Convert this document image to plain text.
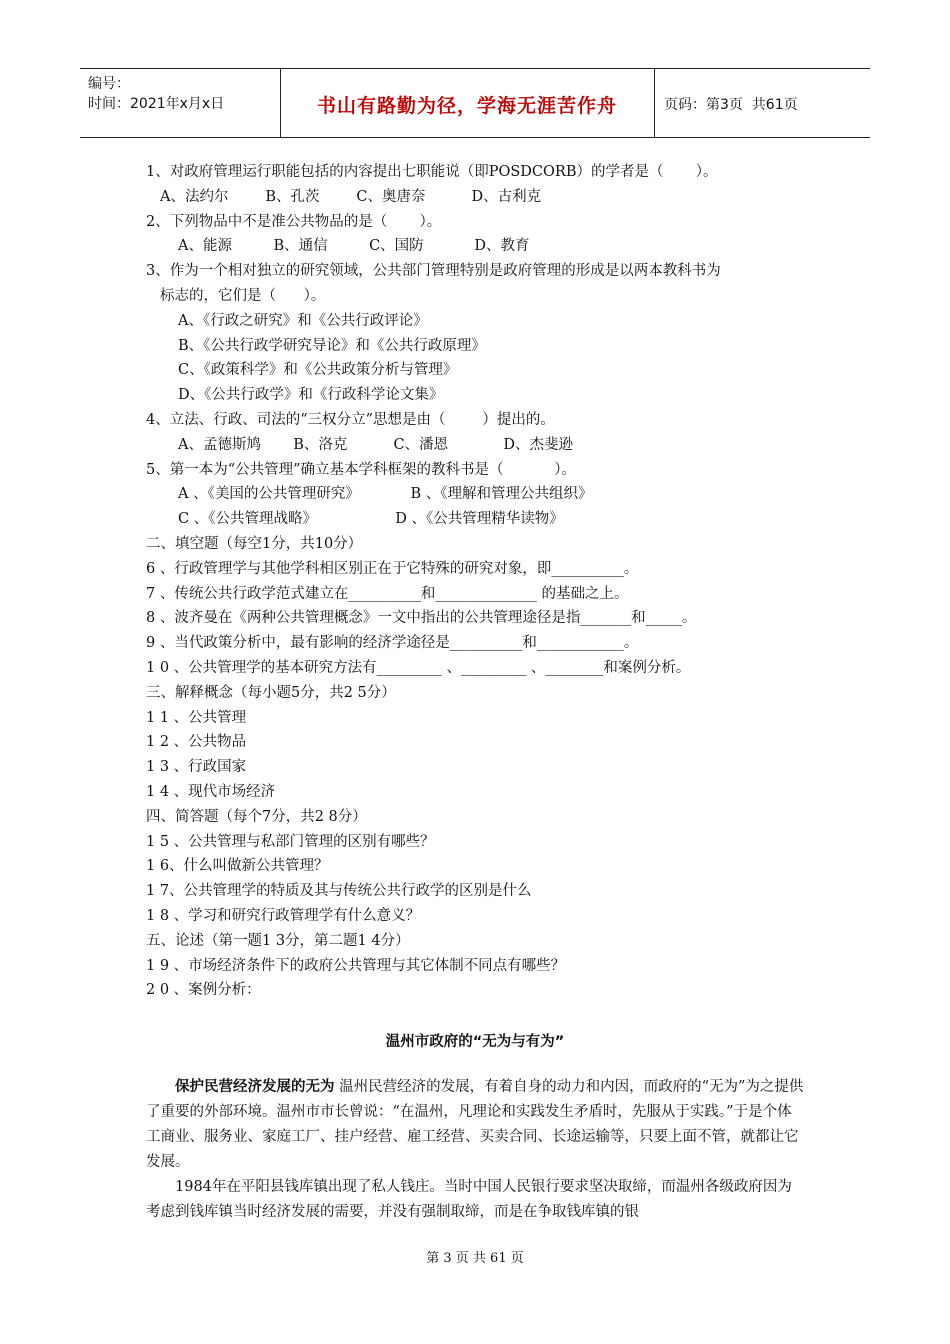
编号：
时间：2021年x月x日	书山有路勤为径，学海无涯苦作舟	页码：第3页  共61页
1、对政府管理运行职能包括的内容提出七职能说（即POSDCORB）的学者是（       ）。
A、法约尔        B、孔茨        C、奥唐奈          D、古利克
2、下列物品中不是准公共物品的是（       ）。
A、能源         B、通信         C、国防           D、教育
3、作为一个相对独立的研究领域，公共部门管理特别是政府管理的形成是以两本教科书为
标志的，它们是（      ）。
A、《行政之研究》和《公共行政评论》
B、《公共行政学研究导论》和《公共行政原理》
C、《政策科学》和《公共政策分析与管理》
D、《公共行政学》和《行政科学论文集》
4、立法、行政、司法的“三权分立”思想是由（        ）提出的。
A、孟德斯鸠       B、洛克          C、潘恩            D、杰斐逊
5、第一本为“公共管理”确立基本学科框架的教科书是（           ）。
A 、《美国的公共管理研究》           B 、《理解和管理公共组织》
C 、《公共管理战略》                 D 、《公共管理精华读物》
二、填空题（每空1分，共10分）
6 、行政管理学与其他学科相区别正在于它特殊的研究对象，即__________。
7 、传统公共行政学范式建立在__________和______________ 的基础之上。
8 、波齐曼在《两种公共管理概念》一文中指出的公共管理途径是指_______和_____。
9 、当代政策分析中，最有影响的经济学途径是__________和____________。
1 0 、公共管理学的基本研究方法有_________ 、_________ 、________和案例分析。
三、解释概念（每小题5分，共2 5分）
1 1 、公共管理
1 2 、公共物品
1 3 、行政国家
1 4 、现代市场经济
四、简答题（每个7分，共2 8分）
1 5 、公共管理与私部门管理的区别有哪些？
1 6、什么叫做新公共管理？
1 7、公共管理学的特质及其与传统公共行政学的区别是什么
1 8 、学习和研究行政管理学有什么意义？
五、论述（第一题1 3分，第二题1 4分）
1 9 、市场经济条件下的政府公共管理与其它体制不同点有哪些？
2 0 、案例分析：
温州市政府的“无为与有为”
保护民营经济发展的无为 温州民营经济的发展，有着自身的动力和内因，而政府的“无为”为之提供了重要的外部环境。温州市市长曾说：“在温州，凡理论和实践发生矛盾时，先服从于实践。”于是个体工商业、服务业、家庭工厂、挂户经营、雇工经营、买卖合同、长途运输等，只要上面不管，就都让它发展。
1984年在平阳县钱库镇出现了私人钱庄。当时中国人民银行要求坚决取缔，而温州各级政府因为考虑到钱库镇当时经济发展的需要，并没有强制取缔，而是在争取钱库镇的银
第 3 页 共 61 页
